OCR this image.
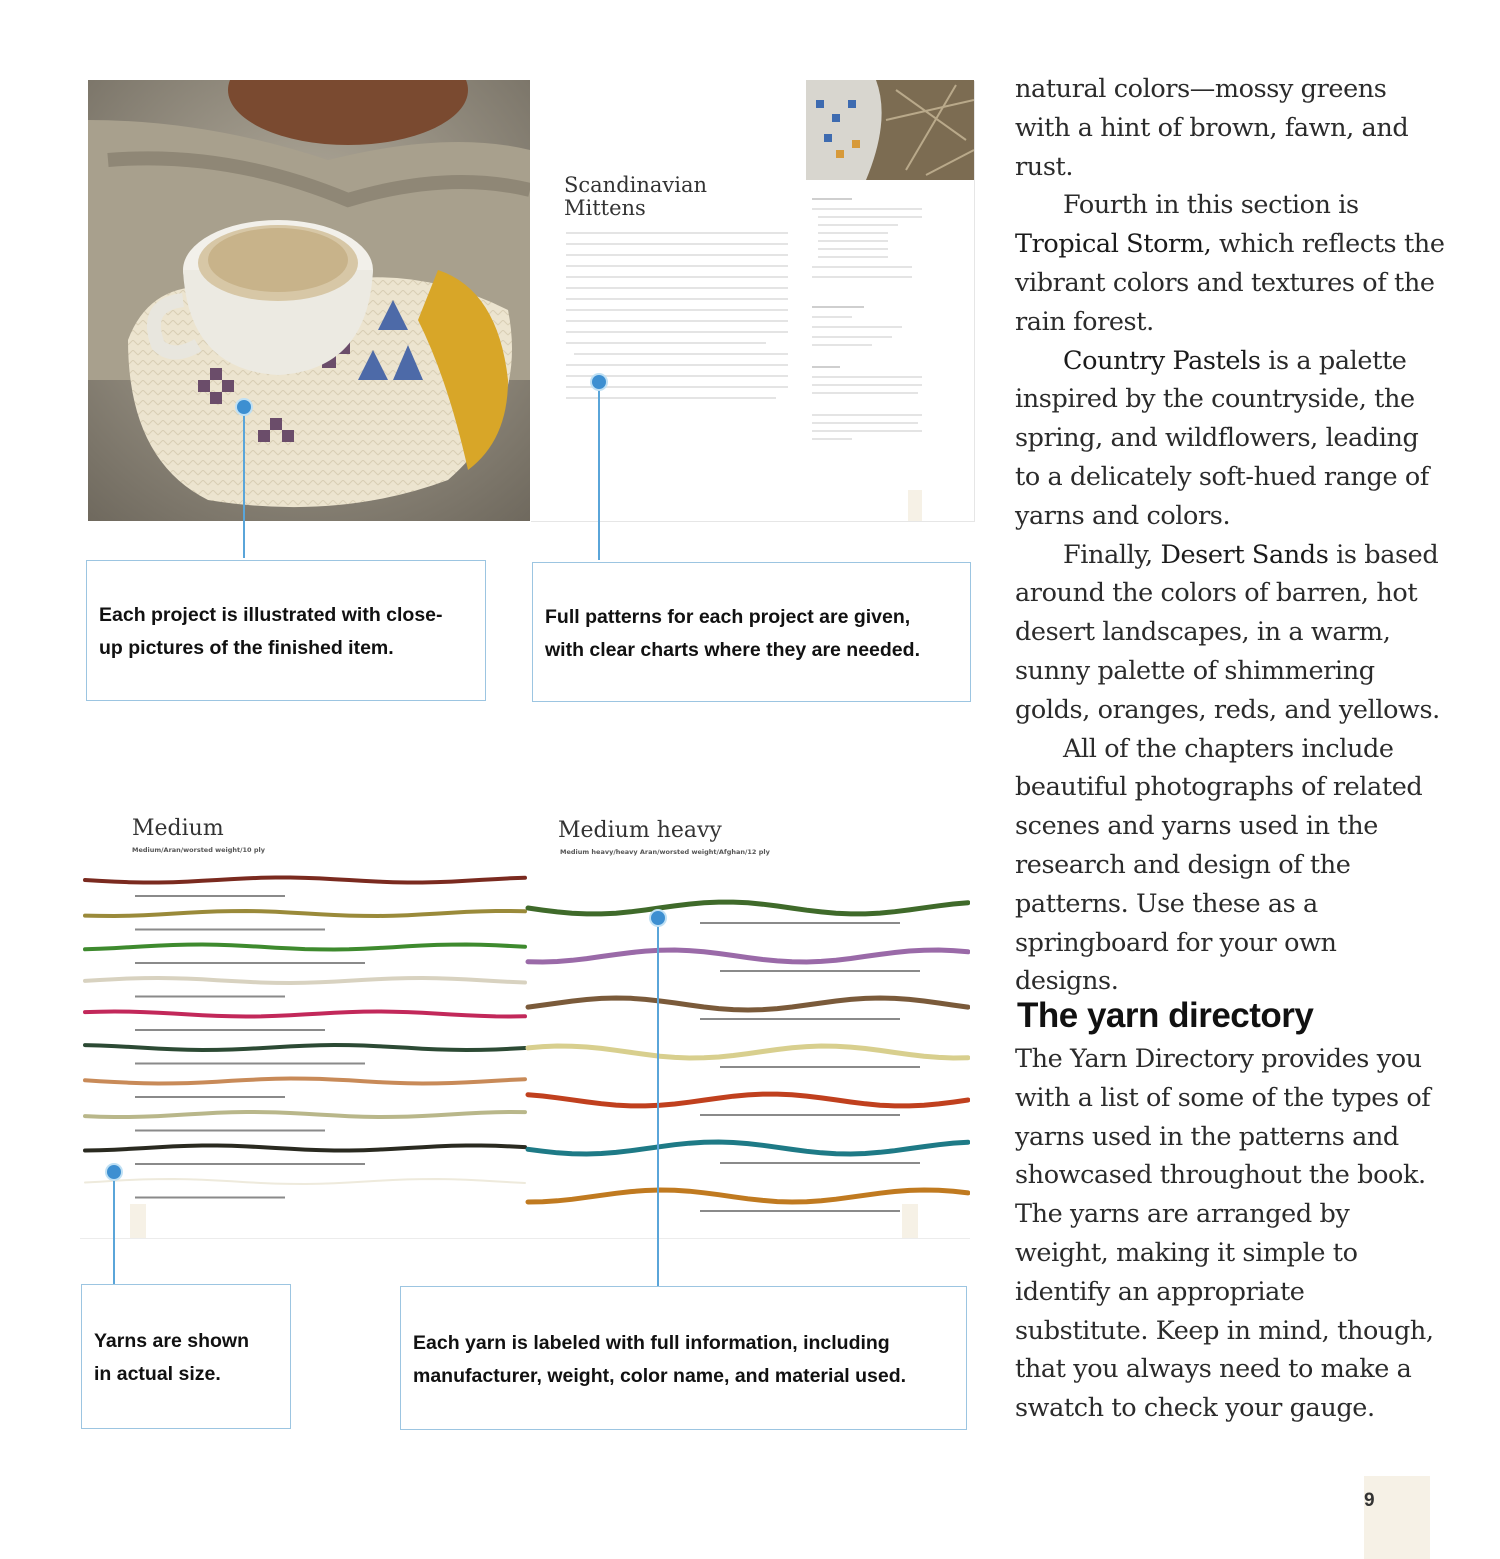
Scandinavian
Mittens
Each project is illustrated with close-
up pictures of the finished item.
Full patterns for each project are given,
with clear charts where they are needed.
Medium	Medium heavy
Medium/Aran/worsted weight/10 ply	Medium heavy/heavy Aran/worsted weight/Afghan/12 ply
Yarns are shown
in actual size.
Each yarn is labeled with full information, including
manufacturer, weight, color name, and material used.

natural colors—mossy greens with a hint of brown, fawn, and rust.

Fourth in this section is Tropical Storm, which reflects the vibrant colors and textures of the rain forest.

Country Pastels is a palette inspired by the countryside, the spring, and wildflowers, leading to a delicately soft-hued range of yarns and colors.

Finally, Desert Sands is based around the colors of barren, hot desert landscapes, in a warm, sunny palette of shimmering golds, oranges, reds, and yellows.

All of the chapters include beautiful photographs of related scenes and yarns used in the research and design of the patterns. Use these as a springboard for your own designs.

The yarn directory
The Yarn Directory provides you with a list of some of the types of yarns used in the patterns and showcased throughout the book. The yarns are arranged by weight, making it simple to identify an appropriate substitute. Keep in mind, though, that you always need to make a swatch to check your gauge.
9
